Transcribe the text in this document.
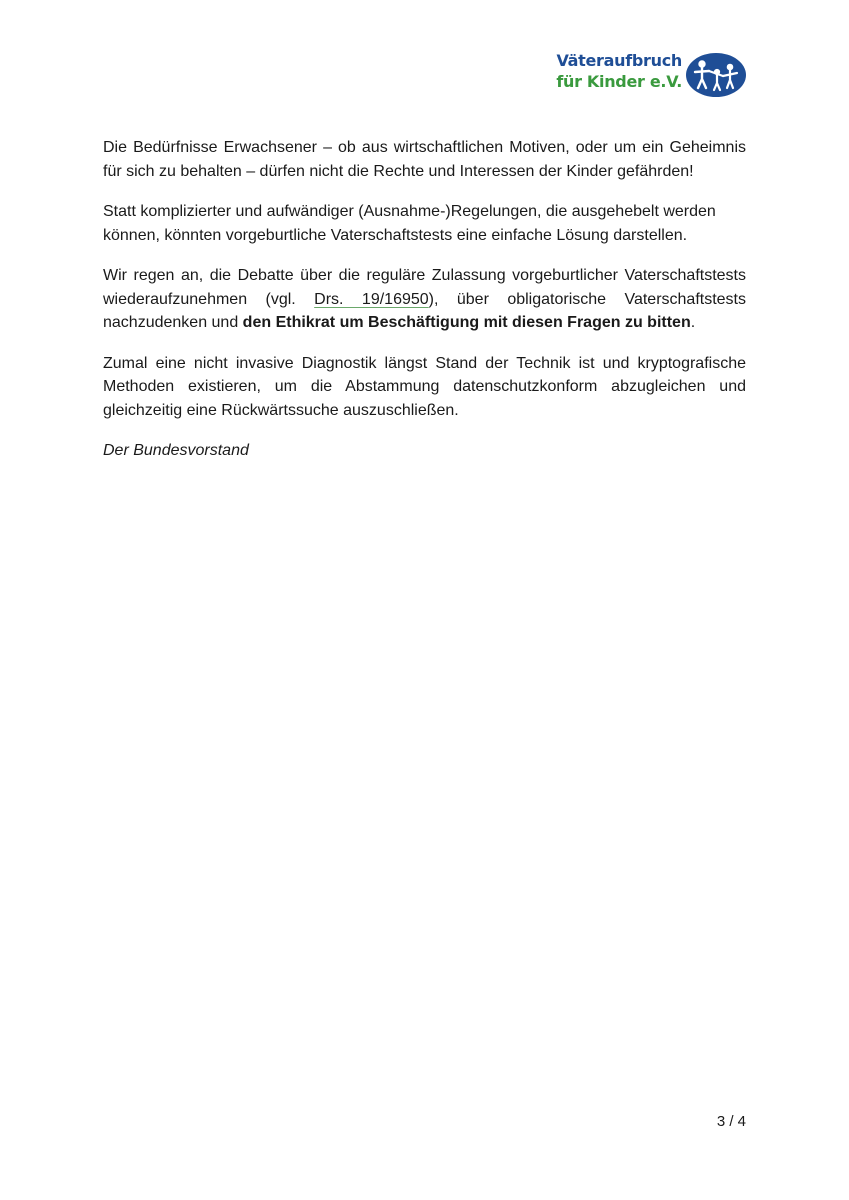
Väteraufbruch
für Kinder e.V.

Die Bedürfnisse Erwachsener – ob aus wirtschaftlichen Motiven, oder um ein Geheimnis für sich zu behalten – dürfen nicht die Rechte und Interessen der Kinder gefährden!

Statt komplizierter und aufwändiger (Ausnahme-)Regelungen, die ausgehebelt werden können, könnten vorgeburtliche Vaterschaftstests eine einfache Lösung darstellen.

Wir regen an, die Debatte über die reguläre Zulassung vorgeburtlicher Vaterschaftstests wiederaufzunehmen (vgl. Drs. 19/16950), über obligatorische Vaterschaftstests nachzudenken und den Ethikrat um Beschäftigung mit diesen Fragen zu bitten.

Zumal eine nicht invasive Diagnostik längst Stand der Technik ist und kryptografische Methoden existieren, um die Abstammung datenschutzkonform abzugleichen und gleichzeitig eine Rückwärtssuche auszuschließen.

Der Bundesvorstand

3 / 4
